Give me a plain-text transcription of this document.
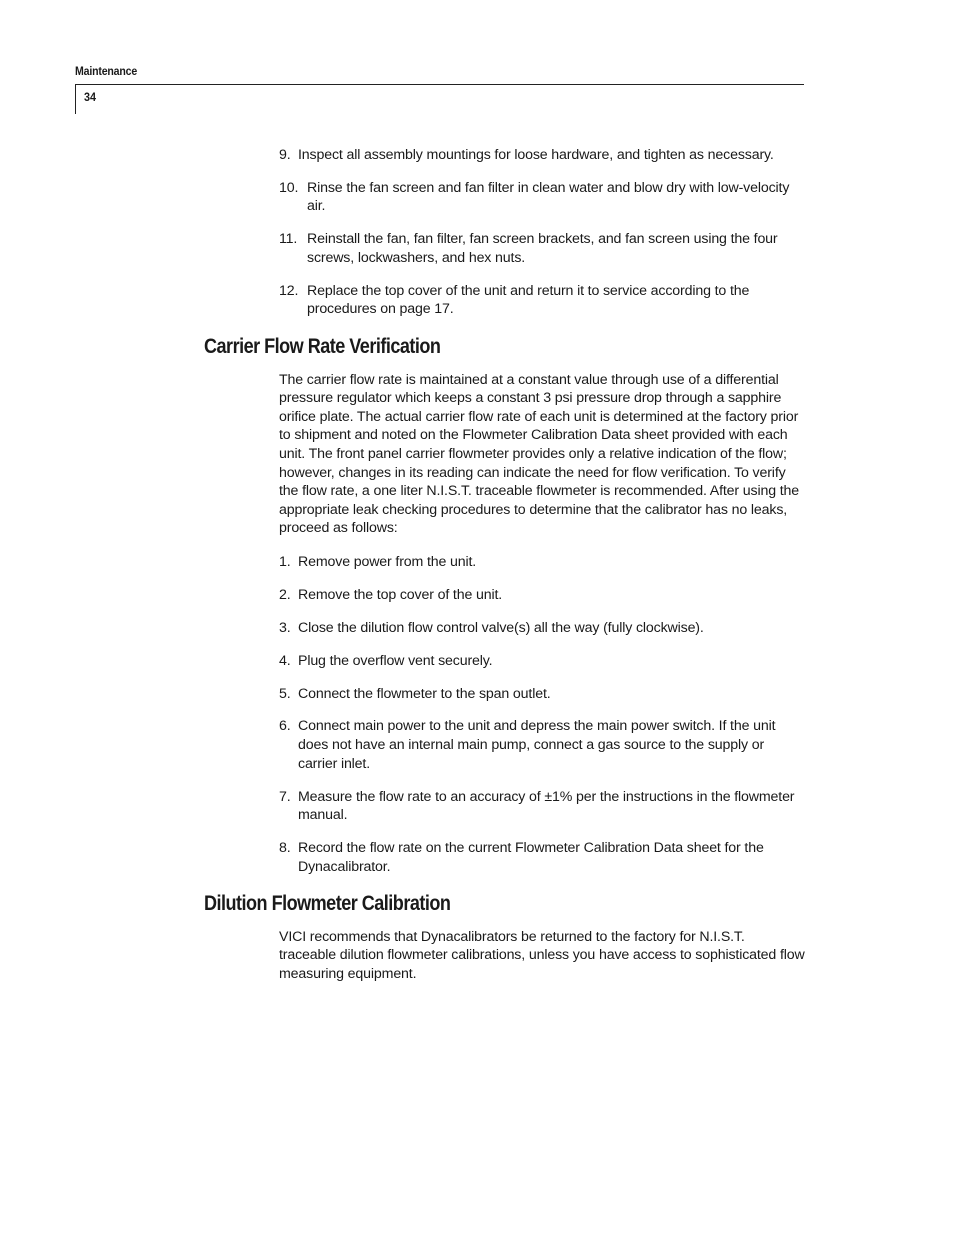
Maintenance
34
9. Inspect all assembly mountings for loose hardware, and tighten as necessary.
10. Rinse the fan screen and fan filter in clean water and blow dry with low-velocity air.
11. Reinstall the fan, fan filter, fan screen brackets, and fan screen using the four screws, lockwashers, and hex nuts.
12. Replace the top cover of the unit and return it to service according to the procedures on page 17.
Carrier Flow Rate Verification

The carrier flow rate is maintained at a constant value through use of a differential pressure regulator which keeps a constant 3 psi pressure drop through a sapphire orifice plate. The actual carrier flow rate of each unit is determined at the factory prior to shipment and noted on the Flowmeter Calibration Data sheet provided with each unit. The front panel carrier flowmeter provides only a relative indication of the flow; however, changes in its reading can indicate the need for flow verification. To verify the flow rate, a one liter N.I.S.T. traceable flowmeter is recommended. After using the appropriate leak checking procedures to determine that the calibrator has no leaks, proceed as follows:

1. Remove power from the unit.
2. Remove the top cover of the unit.
3. Close the dilution flow control valve(s) all the way (fully clockwise).
4. Plug the overflow vent securely.
5. Connect the flowmeter to the span outlet.
6. Connect main power to the unit and depress the main power switch. If the unit does not have an internal main pump, connect a gas source to the supply or carrier inlet.
7. Measure the flow rate to an accuracy of ±1% per the instructions in the flowmeter manual.
8. Record the flow rate on the current Flowmeter Calibration Data sheet for the Dynacalibrator.
Dilution Flowmeter Calibration

VICI recommends that Dynacalibrators be returned to the factory for N.I.S.T. traceable dilution flowmeter calibrations, unless you have access to sophisticated flow measuring equipment.
